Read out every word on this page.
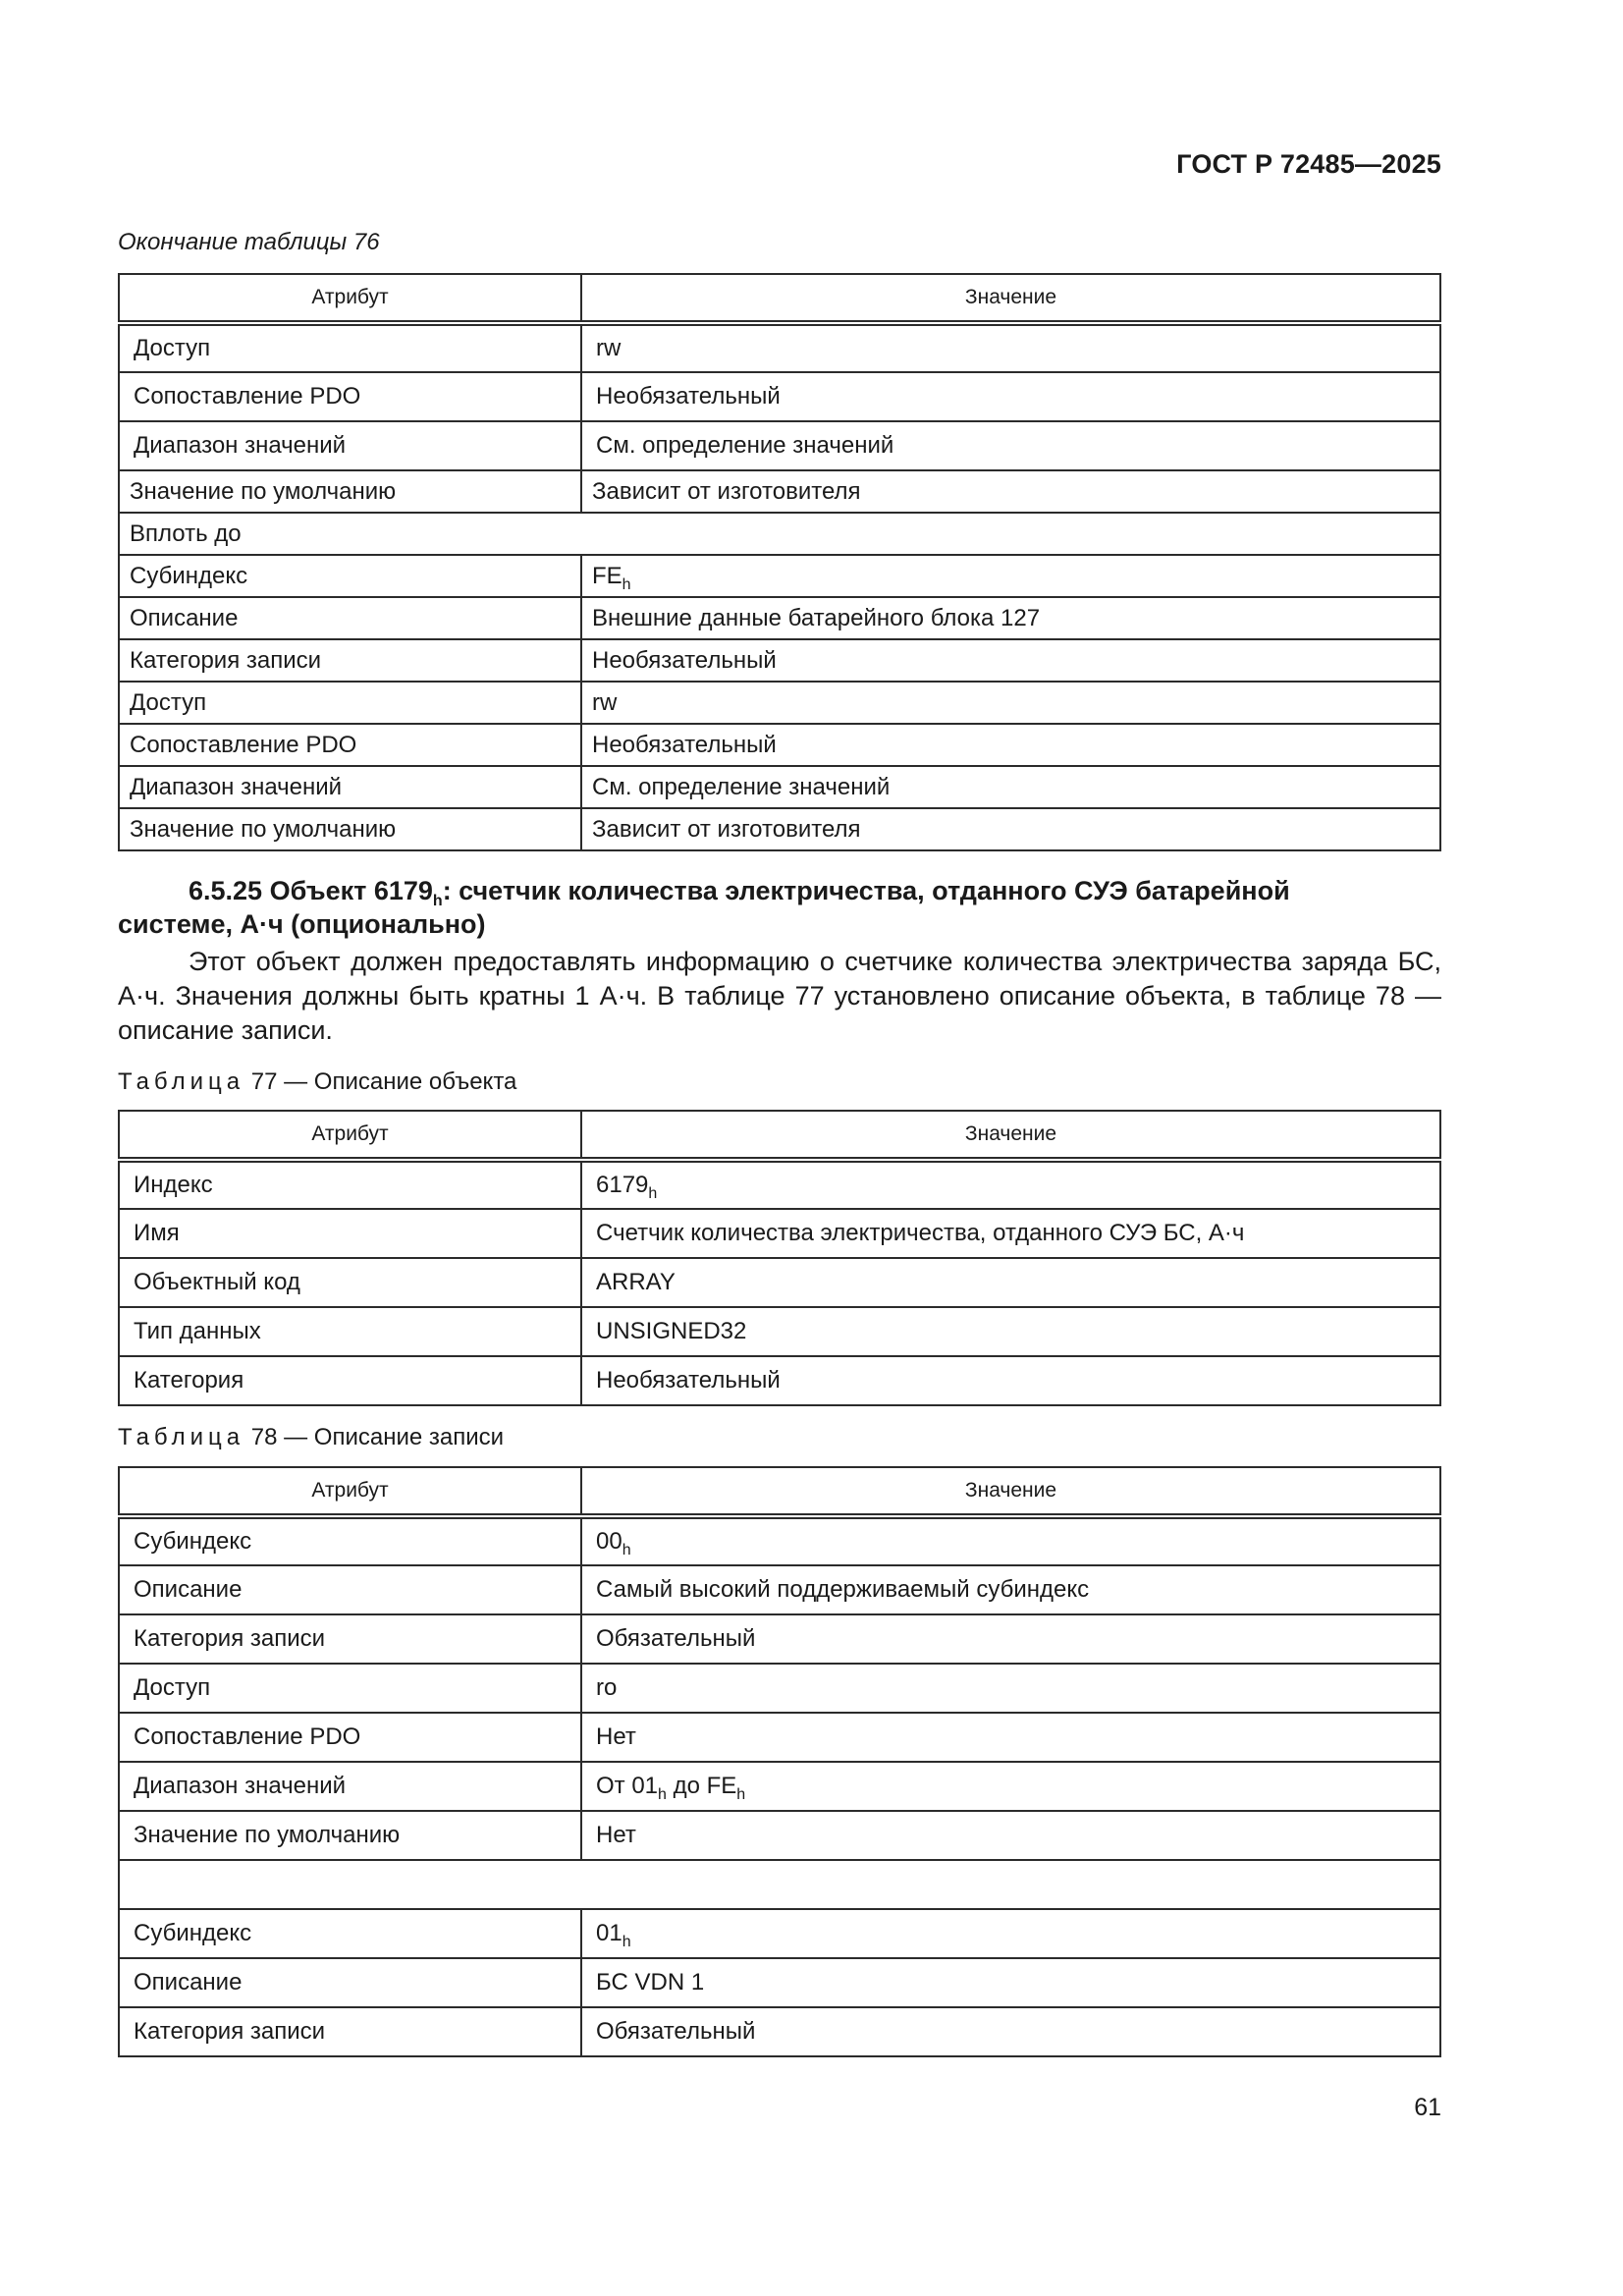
ГОСТ Р 72485—2025
Окончание таблицы 76
Атрибут	Значение
Доступ	rw
Сопоставление PDO	Необязательный
Диапазон значений	См. определение значений
Значение по умолчанию	Зависит от изготовителя
Вплоть до	
Субиндекс	$FE_h$
Описание	Внешние данные батарейного блока 127
Категория записи	Необязательный
Доступ	rw
Сопоставление PDO	Необязательный
Диапазон значений	См. определение значений
Значение по умолчанию	Зависит от изготовителя
6.5.25 Объект $6179_h$: счетчик количества электричества, отданного СУЭ батарейной
системе, А·ч (опционально)
Этот объект должен предоставлять информацию о счетчике количества электричества заряда БС, А·ч. Значения должны быть кратны 1 А·ч. В таблице 77 установлено описание объекта, в таблице 78 — описание записи.
Таблица 77 — Описание объекта
Атрибут	Значение
Индекс	$6179_h$
Имя	Счетчик количества электричества, отданного СУЭ БС, А·ч
Объектный код	ARRAY
Тип данных	UNSIGNED32
Категория	Необязательный
Таблица 78 — Описание записи
Атрибут	Значение
Субиндекс	$00_h$
Описание	Самый высокий поддерживаемый субиндекс
Категория записи	Обязательный
Доступ	ro
Сопоставление PDO	Нет
Диапазон значений	От $01_h$ до $FE_h$
Значение по умолчанию	Нет

Субиндекс	$01_h$
Описание	БС VDN 1
Категория записи	Обязательный
61
